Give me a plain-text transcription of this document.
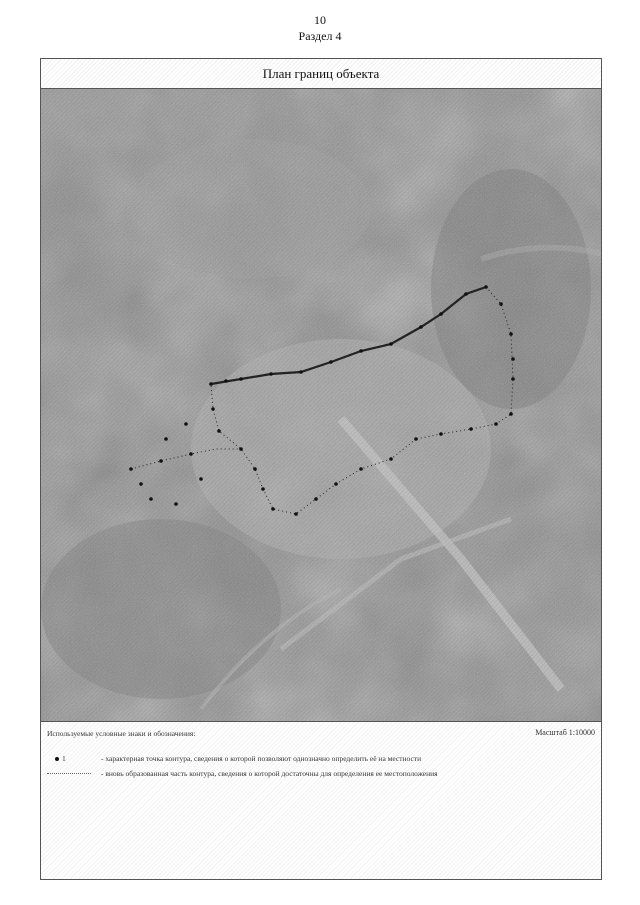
10
Раздел 4
План границ объекта
Используемые условные знаки и обозначения:	Масштаб 1:10000
1	- характерная точка контура, сведения о которой позволяют однозначно определить её на местности
- вновь образованная часть контура, сведения о которой достаточны для определения ее местоположения
